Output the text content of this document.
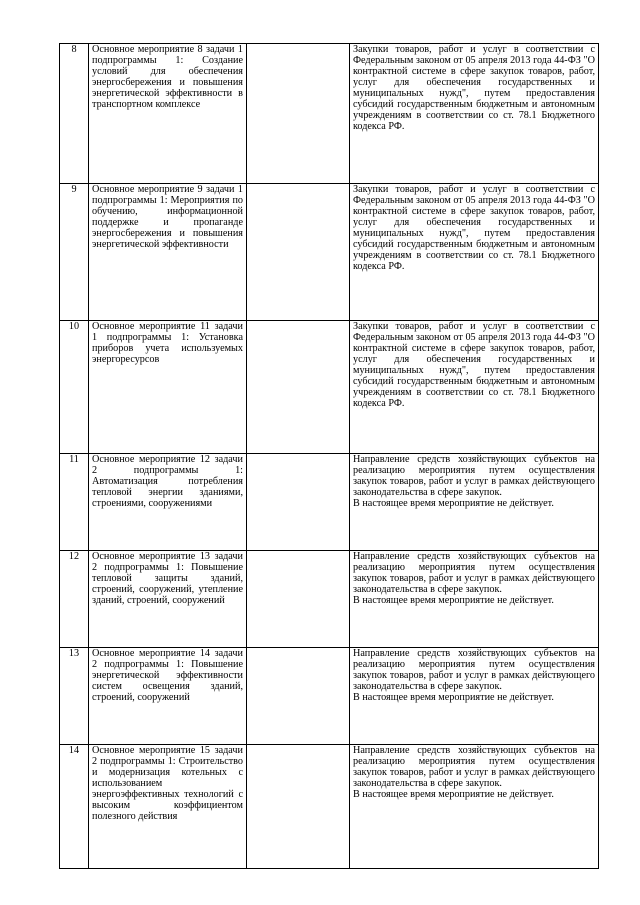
8	Основное мероприятие 8 задачи 1 подпрограммы 1: Создание условий для обеспечения энергосбережения и повышения энергетической эффективности в транспортном комплексе		Закупки товаров, работ и услуг в соответствии с Федеральным законом от 05 апреля 2013 года 44-ФЗ "О контрактной системе в сфере закупок товаров, работ, услуг для обеспечения государственных и муниципальных нужд", путем предоставления субсидий государственным бюджетным и автономным учреждениям в соответствии со ст. 78.1 Бюджетного кодекса РФ.

9	Основное мероприятие 9 задачи 1 подпрограммы 1: Мероприятия по обучению, информационной поддержке и пропаганде энергосбережения и повышения энергетической эффективности		Закупки товаров, работ и услуг в соответствии с Федеральным законом от 05 апреля 2013 года 44-ФЗ "О контрактной системе в сфере закупок товаров, работ, услуг для обеспечения государственных и муниципальных нужд", путем предоставления субсидий государственным бюджетным и автономным учреждениям в соответствии со ст. 78.1 Бюджетного кодекса РФ.

10	Основное мероприятие 11 задачи 1 подпрограммы 1: Установка приборов учета используемых энергоресурсов		Закупки товаров, работ и услуг в соответствии с Федеральным законом от 05 апреля 2013 года 44-ФЗ "О контрактной системе в сфере закупок товаров, работ, услуг для обеспечения государственных и муниципальных нужд", путем предоставления субсидий государственным бюджетным и автономным учреждениям в соответствии со ст. 78.1 Бюджетного кодекса РФ.

11	Основное мероприятие 12 задачи 2 подпрограммы 1: Автоматизация потребления тепловой энергии зданиями, строениями, сооружениями		Направление средств хозяйствующих субъектов на реализацию мероприятия путем осуществления закупок товаров, работ и услуг в рамках действующего законодательства в сфере закупок.
В настоящее время мероприятие не действует.

12	Основное мероприятие 13 задачи 2 подпрограммы 1: Повышение тепловой защиты зданий, строений, сооружений, утепление зданий, строений, сооружений		Направление средств хозяйствующих субъектов на реализацию мероприятия путем осуществления закупок товаров, работ и услуг в рамках действующего законодательства в сфере закупок.
В настоящее время мероприятие не действует.

13	Основное мероприятие 14 задачи 2 подпрограммы 1: Повышение энергетической эффективности систем освещения зданий, строений, сооружений		Направление средств хозяйствующих субъектов на реализацию мероприятия путем осуществления закупок товаров, работ и услуг в рамках действующего законодательства в сфере закупок.
В настоящее время мероприятие не действует.

14	Основное мероприятие 15 задачи 2 подпрограммы 1: Строительство и модернизация котельных с использованием энергоэффективных технологий с высоким коэффициентом полезного действия		Направление средств хозяйствующих субъектов на реализацию мероприятия путем осуществления закупок товаров, работ и услуг в рамках действующего законодательства в сфере закупок.
В настоящее время мероприятие не действует.
